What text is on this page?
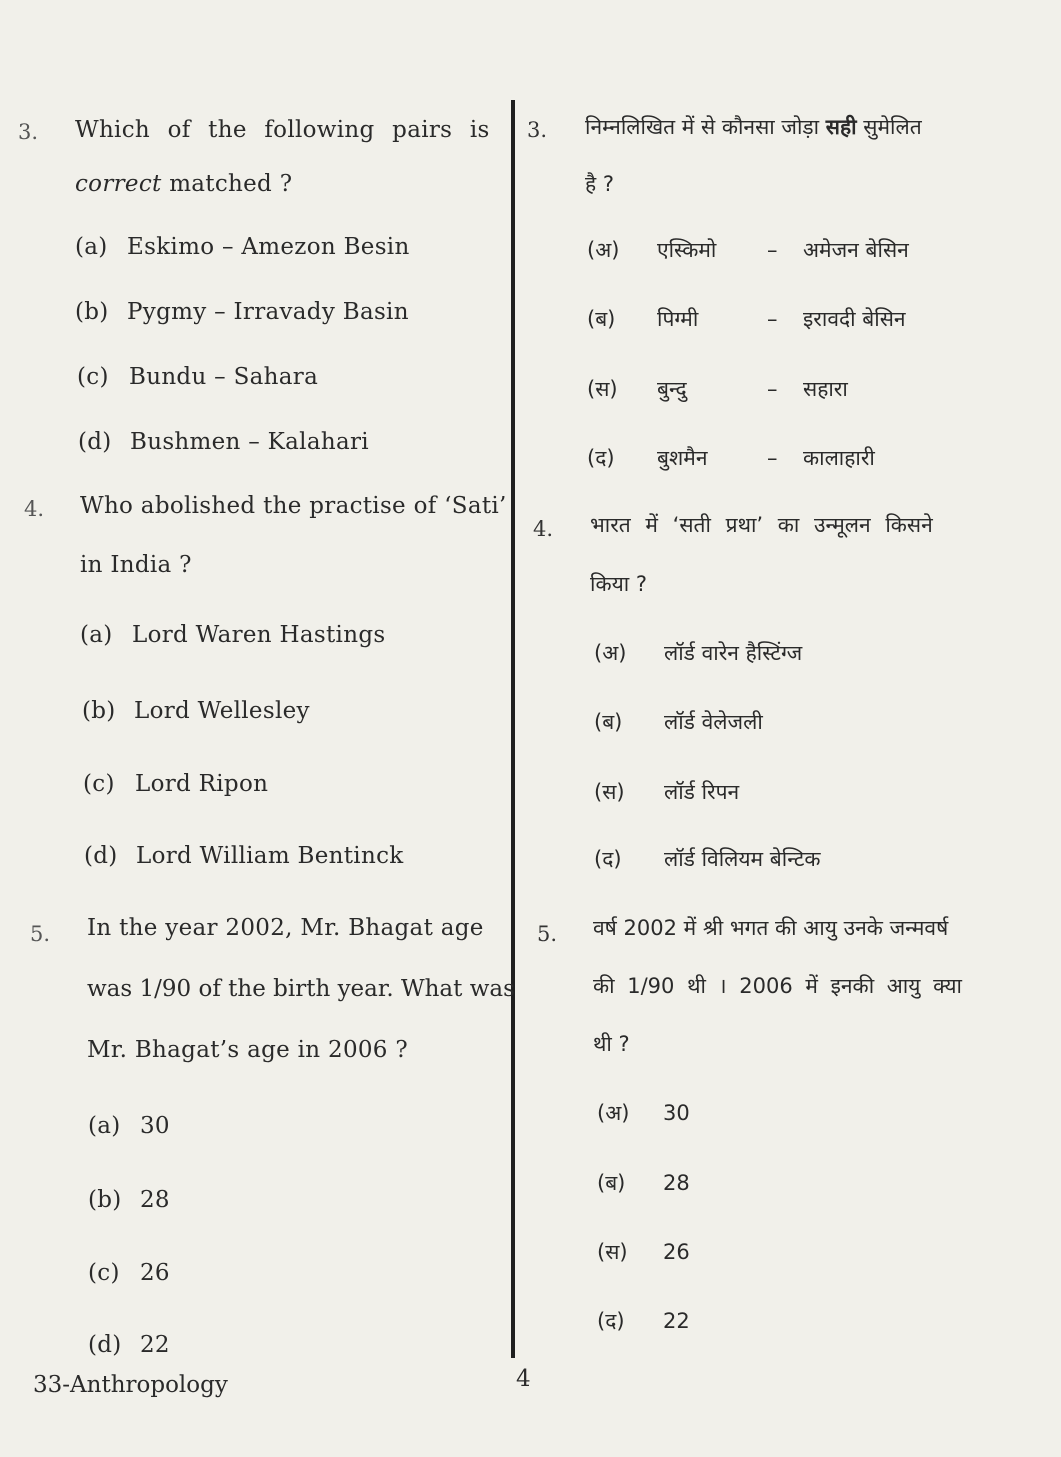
3. Which of the following pairs is
correct matched ?
(a) Eskimo – Amezon Besin
(b) Pygmy – Irravady Basin
(c) Bundu – Sahara
(d) Bushmen – Kalahari
4. Who abolished the practise of ‘Sati’
in India ?
(a) Lord Waren Hastings
(b) Lord Wellesley
(c) Lord Ripon
(d) Lord William Bentinck
5. In the year 2002, Mr. Bhagat age
was 1/90 of the birth year. What was
Mr. Bhagat’s age in 2006 ?
(a) 30
(b) 28
(c) 26
(d) 22
3. निम्नलिखित में से कौनसा जोड़ा सही सुमेलित
है ?
(अ) एस्किमो – अमेजन बेसिन
(ब) पिग्मी	– इरावदी बेसिन
(स) बुन्दु	– सहारा
(द) बुशमैन	– कालाहारी
4. भारत में ‘सती प्रथा’ का उन्मूलन किसने
किया ?
(अ) लॉर्ड वारेन हैस्टिंग्ज
(ब) लॉर्ड वेलेजली
(स) लॉर्ड रिपन
(द) लॉर्ड विलियम बेन्टिक
5. वर्ष 2002 में श्री भगत की आयु उनके जन्मवर्ष
की 1/90 थी । 2006 में इनकी आयु क्या
थी ?
(अ) 30
(ब) 28
(स) 26
(द) 22
33-Anthropology	4
